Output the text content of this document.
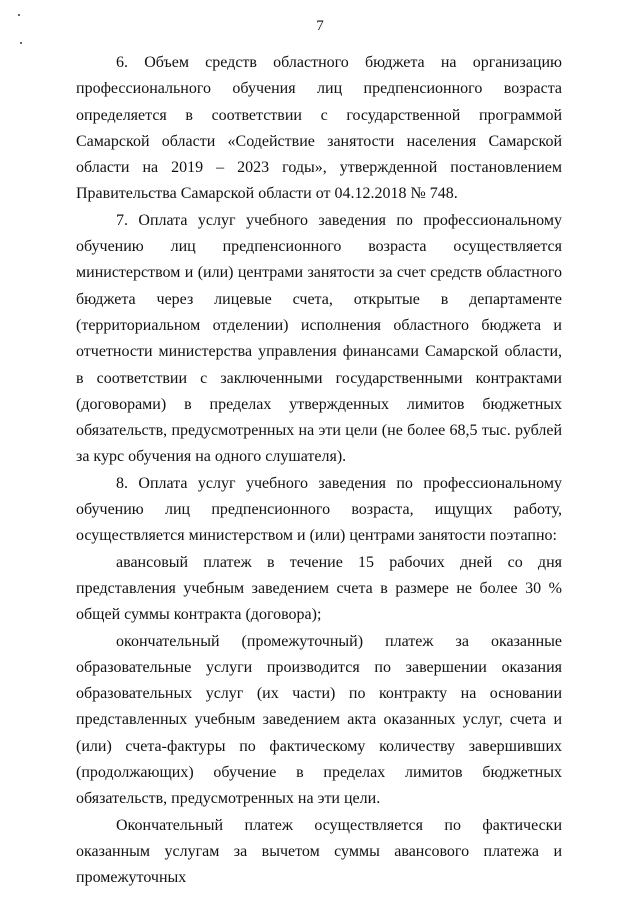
7

6. Объем средств областного бюджета на организацию профессионального обучения лиц предпенсионного возраста определяется в соответствии с государственной программой Самарской области «Содействие занятости населения Самарской области на 2019 – 2023 годы», утвержденной постановлением Правительства Самарской области от 04.12.2018 № 748.

7. Оплата услуг учебного заведения по профессиональному обучению лиц предпенсионного возраста осуществляется министерством и (или) центрами занятости за счет средств областного бюджета через лицевые счета, открытые в департаменте (территориальном отделении) исполнения областного бюджета и отчетности министерства управления финансами Самарской области, в соответствии с заключенными государственными контрактами (договорами) в пределах утвержденных лимитов бюджетных обязательств, предусмотренных на эти цели (не более 68,5 тыс. рублей за курс обучения на одного слушателя).

8. Оплата услуг учебного заведения по профессиональному обучению лиц предпенсионного возраста, ищущих работу, осуществляется министерством и (или) центрами занятости поэтапно:

авансовый платеж в течение 15 рабочих дней со дня представления учебным заведением счета в размере не более 30 % общей суммы контракта (договора);

окончательный (промежуточный) платеж за оказанные образовательные услуги производится по завершении оказания образовательных услуг (их части) по контракту на основании представленных учебным заведением акта оказанных услуг, счета и (или) счета-фактуры по фактическому количеству завершивших (продолжающих) обучение в пределах лимитов бюджетных обязательств, предусмотренных на эти цели.

Окончательный платеж осуществляется по фактически оказанным услугам за вычетом суммы авансового платежа и промежуточных
